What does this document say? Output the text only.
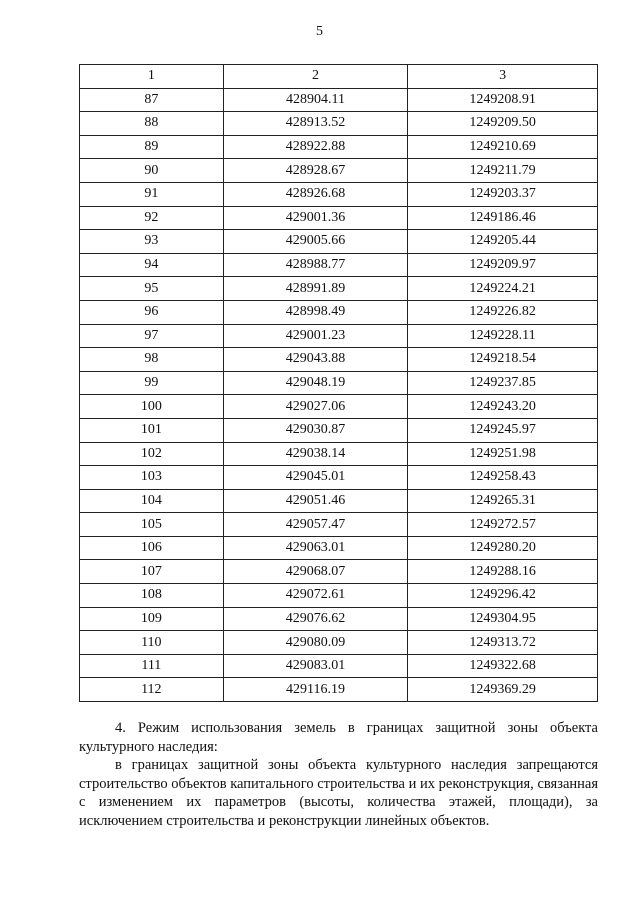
5
1	2	3
87	428904.11	1249208.91
88	428913.52	1249209.50
89	428922.88	1249210.69
90	428928.67	1249211.79
91	428926.68	1249203.37
92	429001.36	1249186.46
93	429005.66	1249205.44
94	428988.77	1249209.97
95	428991.89	1249224.21
96	428998.49	1249226.82
97	429001.23	1249228.11
98	429043.88	1249218.54
99	429048.19	1249237.85
100	429027.06	1249243.20
101	429030.87	1249245.97
102	429038.14	1249251.98
103	429045.01	1249258.43
104	429051.46	1249265.31
105	429057.47	1249272.57
106	429063.01	1249280.20
107	429068.07	1249288.16
108	429072.61	1249296.42
109	429076.62	1249304.95
110	429080.09	1249313.72
111	429083.01	1249322.68
112	429116.19	1249369.29

4. Режим использования земель в границах защитной зоны объекта культурного наследия:

в границах защитной зоны объекта культурного наследия запрещаются строительство объектов капитального строительства и их реконструкция, связанная с изменением их параметров (высоты, количества этажей, площади), за исключением строительства и реконструкции линейных объектов.
